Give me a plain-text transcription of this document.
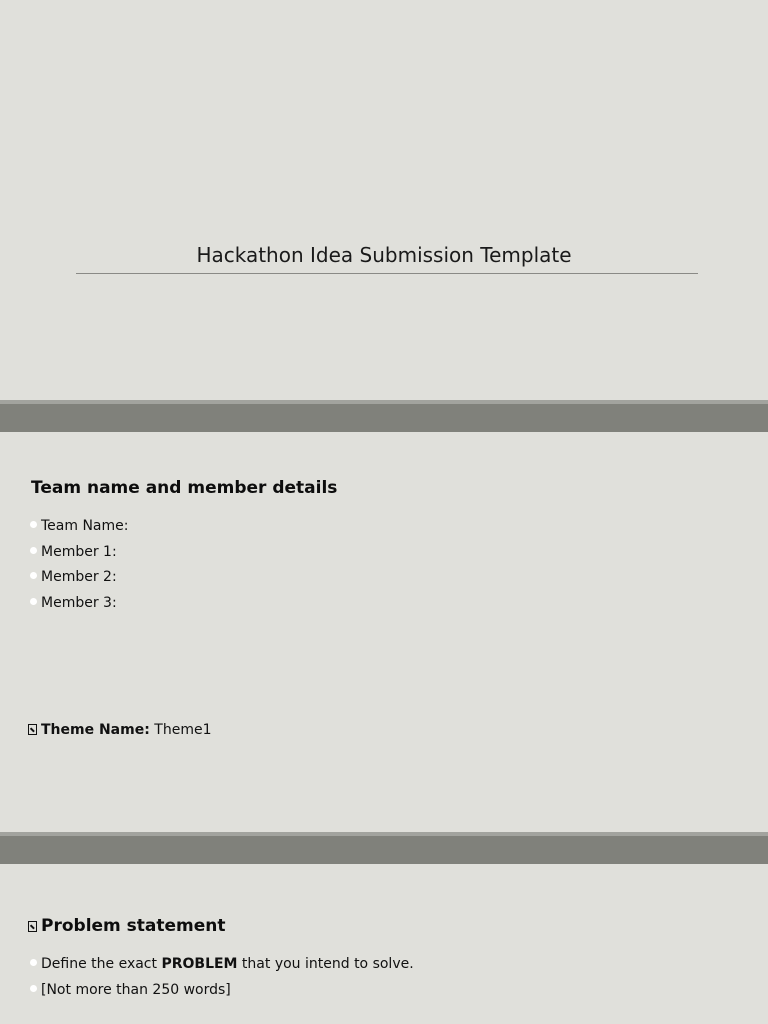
Hackathon Idea Submission Template
Team name and member details
Team Name:
Member 1:
Member 2:
Member 3:
Theme Name: Theme1
Problem statement
Define the exact PROBLEM that you intend to solve.
[Not more than 250 words]
